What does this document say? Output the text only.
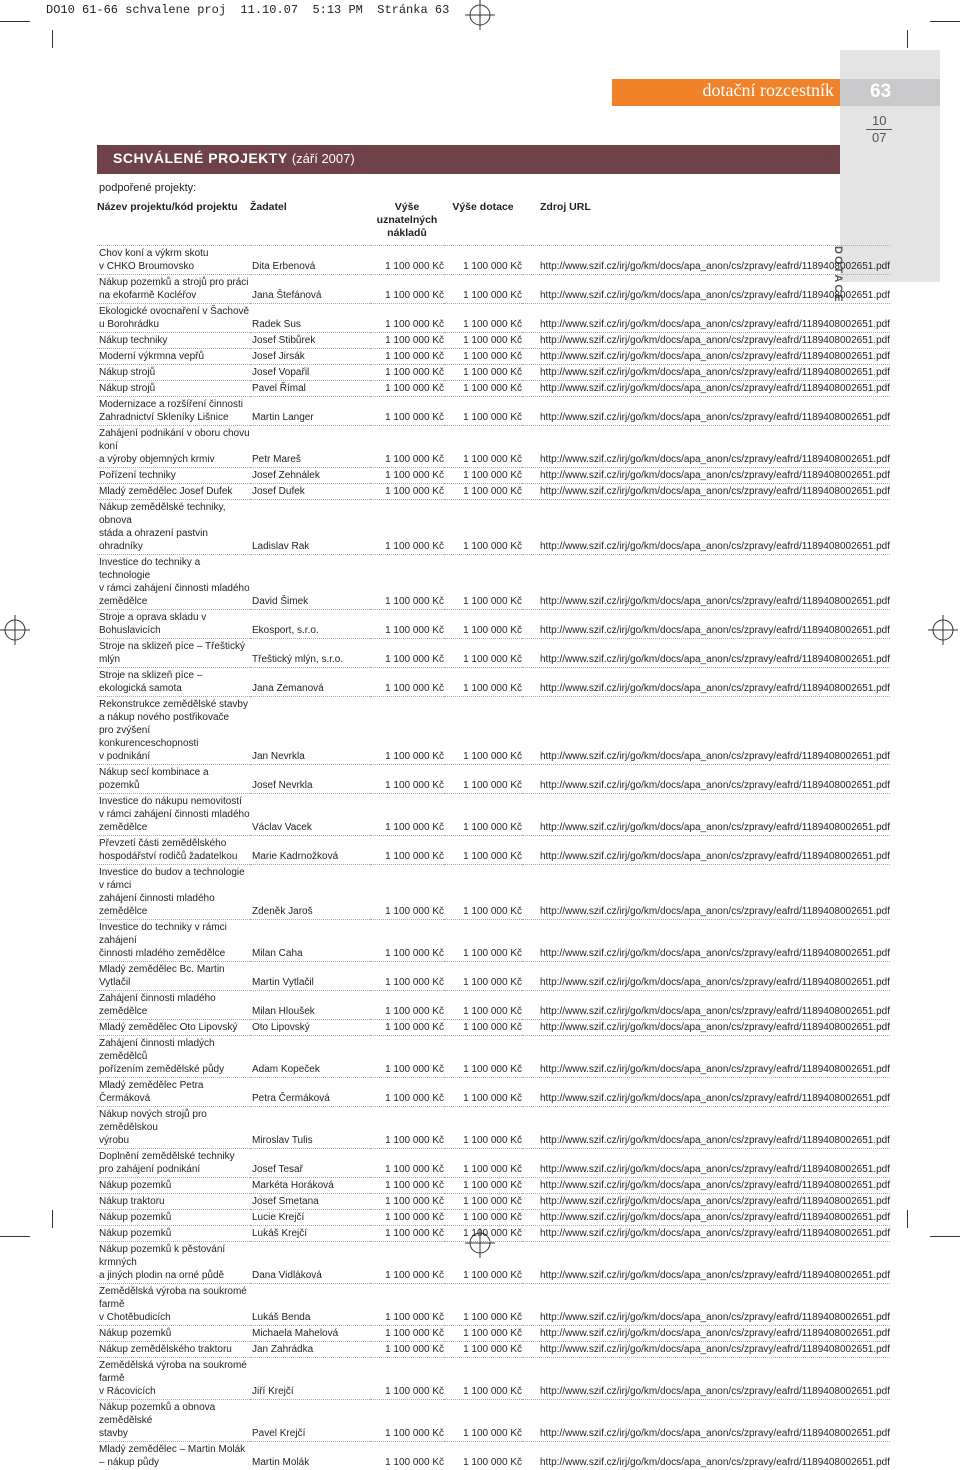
DO10 61-66 schvalene proj  11.10.07  5:13 PM  Stránka 63
dotační rozcestník 63
10
07
DOTACE
SCHVÁLENÉ PROJEKTY (září 2007)	«
podpořené projekty:
Název projektu/kód projektu	Žadatel	Výše uznatelných nákladů	Výše dotace	Zdroj URL
Chov koní a výkrm skotu
v CHKO Broumovsko	Dita Erbenová	1 100 000 Kč	1 100 000 Kč	http://www.szif.cz/irj/go/km/docs/apa_anon/cs/zpravy/eafrd/1189408002651.pdf
Nákup pozemků a strojů pro práci
na ekofarmě Kocléřov	Jana Štefánová	1 100 000 Kč	1 100 000 Kč	http://www.szif.cz/irj/go/km/docs/apa_anon/cs/zpravy/eafrd/1189408002651.pdf
Ekologické ovocnaření v Šachově
u Borohrádku	Radek Sus	1 100 000 Kč	1 100 000 Kč	http://www.szif.cz/irj/go/km/docs/apa_anon/cs/zpravy/eafrd/1189408002651.pdf
Nákup techniky	Josef Stibůrek	1 100 000 Kč	1 100 000 Kč	http://www.szif.cz/irj/go/km/docs/apa_anon/cs/zpravy/eafrd/1189408002651.pdf
Moderní výkrmna vepřů	Josef Jirsák	1 100 000 Kč	1 100 000 Kč	http://www.szif.cz/irj/go/km/docs/apa_anon/cs/zpravy/eafrd/1189408002651.pdf
Nákup strojů	Josef Vopařil	1 100 000 Kč	1 100 000 Kč	http://www.szif.cz/irj/go/km/docs/apa_anon/cs/zpravy/eafrd/1189408002651.pdf
Nákup strojů	Pavel Římal	1 100 000 Kč	1 100 000 Kč	http://www.szif.cz/irj/go/km/docs/apa_anon/cs/zpravy/eafrd/1189408002651.pdf
Modernizace a rozšíření činnosti
Zahradnictví Skleníky Lišnice	Martin Langer	1 100 000 Kč	1 100 000 Kč	http://www.szif.cz/irj/go/km/docs/apa_anon/cs/zpravy/eafrd/1189408002651.pdf
Zahájení podnikání v oboru chovu koní
a výroby objemných krmiv	Petr Mareš	1 100 000 Kč	1 100 000 Kč	http://www.szif.cz/irj/go/km/docs/apa_anon/cs/zpravy/eafrd/1189408002651.pdf
Pořízení techniky	Josef Zehnálek	1 100 000 Kč	1 100 000 Kč	http://www.szif.cz/irj/go/km/docs/apa_anon/cs/zpravy/eafrd/1189408002651.pdf
Mladý zemědělec Josef Dufek	Josef Dufek	1 100 000 Kč	1 100 000 Kč	http://www.szif.cz/irj/go/km/docs/apa_anon/cs/zpravy/eafrd/1189408002651.pdf
Nákup zemědělské techniky, obnova
stáda a ohrazení pastvin ohradníky	Ladislav Rak	1 100 000 Kč	1 100 000 Kč	http://www.szif.cz/irj/go/km/docs/apa_anon/cs/zpravy/eafrd/1189408002651.pdf
Investice do techniky a technologie
v rámci zahájení činnosti mladého
zemědělce	David Šimek	1 100 000 Kč	1 100 000 Kč	http://www.szif.cz/irj/go/km/docs/apa_anon/cs/zpravy/eafrd/1189408002651.pdf
Stroje a oprava skladu v Bohuslavicích	Ekosport, s.r.o.	1 100 000 Kč	1 100 000 Kč	http://www.szif.cz/irj/go/km/docs/apa_anon/cs/zpravy/eafrd/1189408002651.pdf
Stroje na sklizeň píce – Třeštický mlýn	Třeštický mlýn, s.r.o.	1 100 000 Kč	1 100 000 Kč	http://www.szif.cz/irj/go/km/docs/apa_anon/cs/zpravy/eafrd/1189408002651.pdf
Stroje na sklizeň píce – ekologická samota	Jana Zemanová	1 100 000 Kč	1 100 000 Kč	http://www.szif.cz/irj/go/km/docs/apa_anon/cs/zpravy/eafrd/1189408002651.pdf
Rekonstrukce zemědělské stavby
a nákup nového postřikovače
pro zvýšení konkurenceschopnosti
v podnikání	Jan Nevrkla	1 100 000 Kč	1 100 000 Kč	http://www.szif.cz/irj/go/km/docs/apa_anon/cs/zpravy/eafrd/1189408002651.pdf
Nákup secí kombinace a pozemků	Josef Nevrkla	1 100 000 Kč	1 100 000 Kč	http://www.szif.cz/irj/go/km/docs/apa_anon/cs/zpravy/eafrd/1189408002651.pdf
Investice do nákupu nemovitostí
v rámci zahájení činnosti mladého
zemědělce	Václav Vacek	1 100 000 Kč	1 100 000 Kč	http://www.szif.cz/irj/go/km/docs/apa_anon/cs/zpravy/eafrd/1189408002651.pdf
Převzetí části zemědělského
hospodářství rodičů žadatelkou	Marie Kadrnožková	1 100 000 Kč	1 100 000 Kč	http://www.szif.cz/irj/go/km/docs/apa_anon/cs/zpravy/eafrd/1189408002651.pdf
Investice do budov a technologie v rámci
zahájení činnosti mladého zemědělce	Zdeněk Jaroš	1 100 000 Kč	1 100 000 Kč	http://www.szif.cz/irj/go/km/docs/apa_anon/cs/zpravy/eafrd/1189408002651.pdf
Investice do techniky v rámci zahájení
činnosti mladého zemědělce	Milan Caha	1 100 000 Kč	1 100 000 Kč	http://www.szif.cz/irj/go/km/docs/apa_anon/cs/zpravy/eafrd/1189408002651.pdf
Mladý zemědělec Bc. Martin Vytlačil	Martin Vytlačil	1 100 000 Kč	1 100 000 Kč	http://www.szif.cz/irj/go/km/docs/apa_anon/cs/zpravy/eafrd/1189408002651.pdf
Zahájení činnosti mladého zemědělce	Milan Hloušek	1 100 000 Kč	1 100 000 Kč	http://www.szif.cz/irj/go/km/docs/apa_anon/cs/zpravy/eafrd/1189408002651.pdf
Mladý zemědělec Oto Lipovský	Oto Lipovský	1 100 000 Kč	1 100 000 Kč	http://www.szif.cz/irj/go/km/docs/apa_anon/cs/zpravy/eafrd/1189408002651.pdf
Zahájení činnosti mladých zemědělců
pořízením zemědělské půdy	Adam Kopeček	1 100 000 Kč	1 100 000 Kč	http://www.szif.cz/irj/go/km/docs/apa_anon/cs/zpravy/eafrd/1189408002651.pdf
Mladý zemědělec Petra Čermáková	Petra Čermáková	1 100 000 Kč	1 100 000 Kč	http://www.szif.cz/irj/go/km/docs/apa_anon/cs/zpravy/eafrd/1189408002651.pdf
Nákup nových strojů pro zemědělskou
výrobu	Miroslav Tulis	1 100 000 Kč	1 100 000 Kč	http://www.szif.cz/irj/go/km/docs/apa_anon/cs/zpravy/eafrd/1189408002651.pdf
Doplnění zemědělské techniky
pro zahájení podnikání	Josef Tesař	1 100 000 Kč	1 100 000 Kč	http://www.szif.cz/irj/go/km/docs/apa_anon/cs/zpravy/eafrd/1189408002651.pdf
Nákup pozemků	Markéta Horáková	1 100 000 Kč	1 100 000 Kč	http://www.szif.cz/irj/go/km/docs/apa_anon/cs/zpravy/eafrd/1189408002651.pdf
Nákup traktoru	Josef Smetana	1 100 000 Kč	1 100 000 Kč	http://www.szif.cz/irj/go/km/docs/apa_anon/cs/zpravy/eafrd/1189408002651.pdf
Nákup pozemků	Lucie Krejčí	1 100 000 Kč	1 100 000 Kč	http://www.szif.cz/irj/go/km/docs/apa_anon/cs/zpravy/eafrd/1189408002651.pdf
Nákup pozemků	Lukáš Krejčí	1 100 000 Kč	1 100 000 Kč	http://www.szif.cz/irj/go/km/docs/apa_anon/cs/zpravy/eafrd/1189408002651.pdf
Nákup pozemků k pěstování krmných
a jiných plodin na orné půdě	Dana Vidláková	1 100 000 Kč	1 100 000 Kč	http://www.szif.cz/irj/go/km/docs/apa_anon/cs/zpravy/eafrd/1189408002651.pdf
Zemědělská výroba na soukromé farmě
v Chotěbudicích	Lukáš Benda	1 100 000 Kč	1 100 000 Kč	http://www.szif.cz/irj/go/km/docs/apa_anon/cs/zpravy/eafrd/1189408002651.pdf
Nákup pozemků	Michaela Mahelová	1 100 000 Kč	1 100 000 Kč	http://www.szif.cz/irj/go/km/docs/apa_anon/cs/zpravy/eafrd/1189408002651.pdf
Nákup zemědělského traktoru	Jan Zahrádka	1 100 000 Kč	1 100 000 Kč	http://www.szif.cz/irj/go/km/docs/apa_anon/cs/zpravy/eafrd/1189408002651.pdf
Zemědělská výroba na soukromé farmě
v Rácovicích	Jiří Krejčí	1 100 000 Kč	1 100 000 Kč	http://www.szif.cz/irj/go/km/docs/apa_anon/cs/zpravy/eafrd/1189408002651.pdf
Nákup pozemků a obnova zemědělské
stavby	Pavel Krejčí	1 100 000 Kč	1 100 000 Kč	http://www.szif.cz/irj/go/km/docs/apa_anon/cs/zpravy/eafrd/1189408002651.pdf
Mladý zemědělec – Martin Molák
– nákup půdy	Martin Molák	1 100 000 Kč	1 100 000 Kč	http://www.szif.cz/irj/go/km/docs/apa_anon/cs/zpravy/eafrd/1189408002651.pdf
